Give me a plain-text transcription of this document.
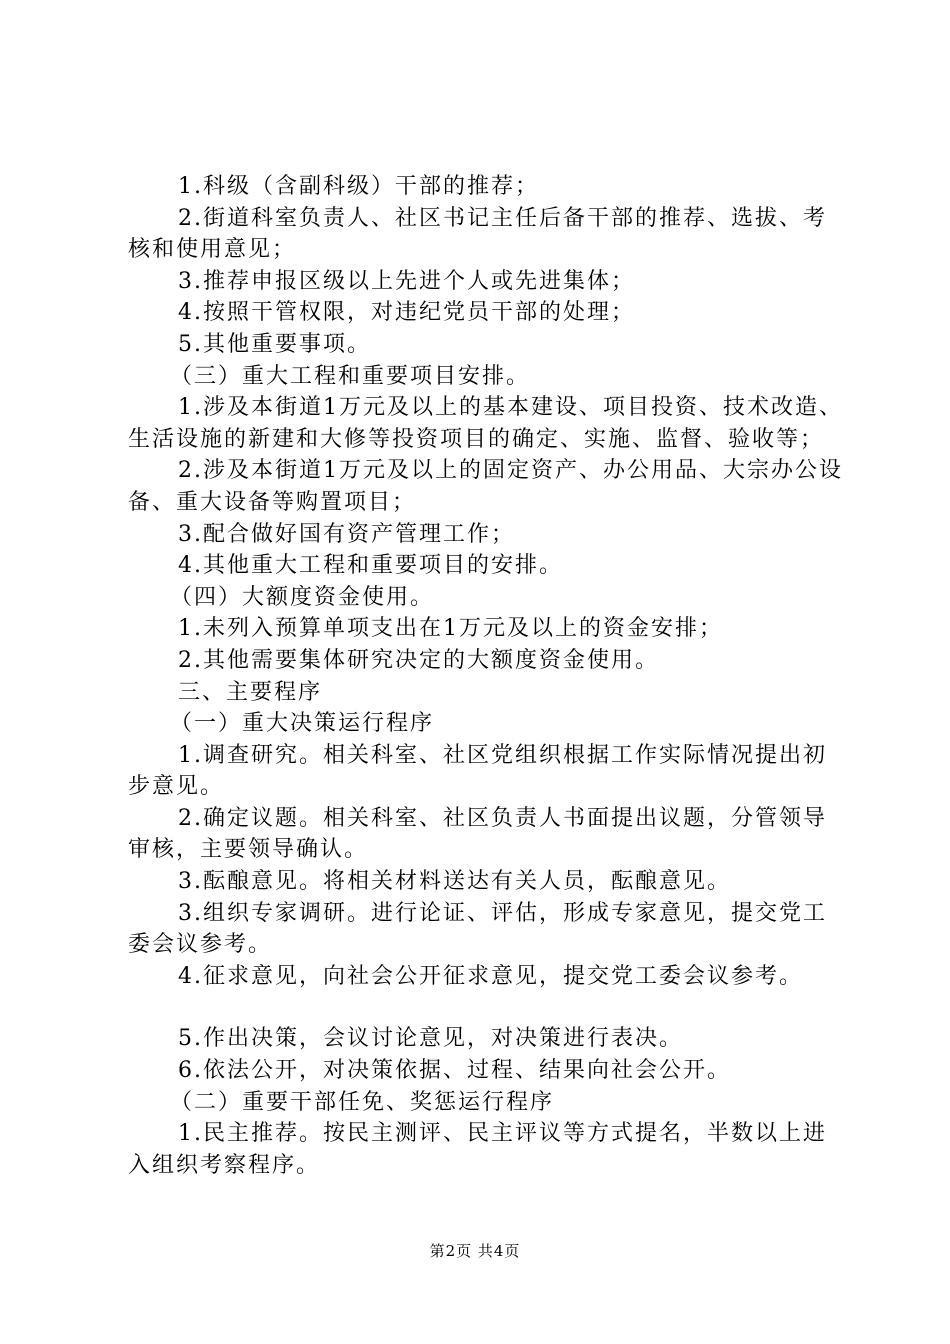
1.科级（含副科级）干部的推荐；

2.街道科室负责人、社区书记主任后备干部的推荐、选拔、考核和使用意见；

3.推荐申报区级以上先进个人或先进集体；

4.按照干管权限，对违纪党员干部的处理；

5.其他重要事项。

（三）重大工程和重要项目安排。

1.涉及本街道1万元及以上的基本建设、项目投资、技术改造、生活设施的新建和大修等投资项目的确定、实施、监督、验收等；

2.涉及本街道1万元及以上的固定资产、办公用品、大宗办公设备、重大设备等购置项目；

3.配合做好国有资产管理工作；

4.其他重大工程和重要项目的安排。

（四）大额度资金使用。

1.未列入预算单项支出在1万元及以上的资金安排；

2.其他需要集体研究决定的大额度资金使用。

三、主要程序

（一）重大决策运行程序

1.调查研究。相关科室、社区党组织根据工作实际情况提出初步意见。

2.确定议题。相关科室、社区负责人书面提出议题，分管领导审核，主要领导确认。

3.酝酿意见。将相关材料送达有关人员，酝酿意见。

3.组织专家调研。进行论证、评估，形成专家意见，提交党工委会议参考。

4.征求意见，向社会公开征求意见，提交党工委会议参考。

5.作出决策，会议讨论意见，对决策进行表决。

6.依法公开，对决策依据、过程、结果向社会公开。

（二）重要干部任免、奖惩运行程序

1.民主推荐。按民主测评、民主评议等方式提名，半数以上进入组织考察程序。

第2页 共4页
